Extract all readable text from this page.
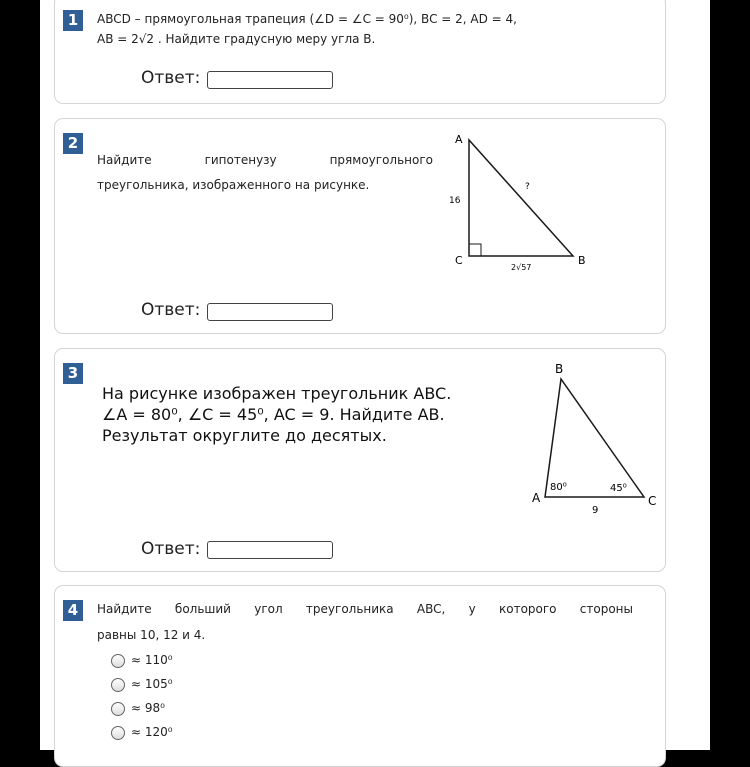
1	ABCD – прямоугольная трапеция (∠D = ∠C = 90⁰), BC = 2, AD = 4,
AB = 2√2 . Найдите градусную меру угла B.
Ответ:
2
Найдите гипотенузу прямоугольного
треугольника, изображенного на рисунке.
A
C	B
16
?
2√57
Ответ:
3
На рисунке изображен треугольник ABC.
∠A = 80⁰, ∠C = 45⁰, AC = 9. Найдите AB.
Результат округлите до десятых.
B
A	C
80⁰	45⁰
9
Ответ:
4	Найдите больший угол треугольника ABC, у которого стороны
равны 10, 12 и 4.
≈ 110⁰
≈ 105⁰
≈ 98⁰
≈ 120⁰
